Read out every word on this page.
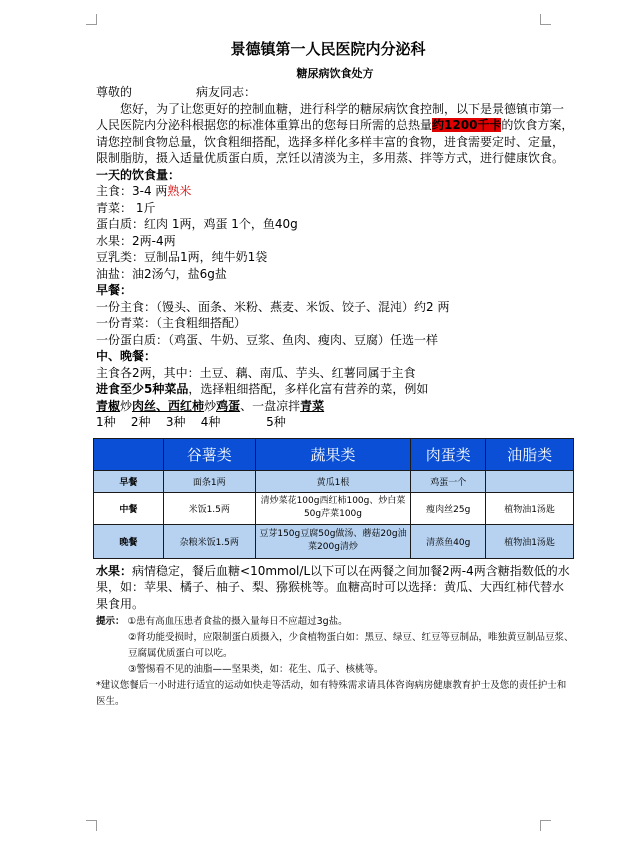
景德镇第一人民医院内分泌科
糖尿病饮食处方
尊敬的	病友同志：
您好，为了让您更好的控制血糖，进行科学的糖尿病饮食控制，以下是景德镇市第一人民医院内分泌科根据您的标准体重算出的您每日所需的总热量约1200千卡的饮食方案，请您控制食物总量，饮食粗细搭配，选择多样化多样丰富的食物，进食需要定时、定量，限制脂肪，摄入适量优质蛋白质，烹饪以清淡为主，多用蒸、拌等方式，进行健康饮食。
一天的饮食量：
主食：3-4 两熟米
青菜： 1斤
蛋白质：红肉 1两，鸡蛋 1个，鱼40g
水果：2两-4两
豆乳类：豆制品1两，纯牛奶1袋
油盐：油2汤勺，盐6g盐
早餐：
一份主食：（馒头、面条、米粉、燕麦、米饭、饺子、混沌）约2 两
一份青菜：（主食粗细搭配）
一份蛋白质：（鸡蛋、牛奶、豆浆、鱼肉、瘦肉、豆腐）任选一样
中、晚餐：
主食各2两，其中：土豆、藕、南瓜、芋头、红薯同属于主食
进食至少5种菜品，选择粗细搭配，多样化富有营养的菜，例如
青椒炒肉丝、西红柿炒鸡蛋、一盘凉拌青菜
1种 2种 3种 4种	5种
	谷薯类	蔬果类	肉蛋类	油脂类
早餐	面条1两	黄瓜1根	鸡蛋一个	
中餐	米饭1.5两	清炒菜花100g西红柿100g、炒白菜50g芹菜100g	瘦肉丝25g	植物油1汤匙
晚餐	杂粮米饭1.5两	豆芽150g豆腐50g做汤、蘑菇20g油菜200g清炒	清蒸鱼40g	植物油1汤匙
水果：病情稳定，餐后血糖<10mmol/L以下可以在两餐之间加餐2两-4两含糖指数低的水果，如：苹果、橘子、柚子、梨、猕猴桃等。血糖高时可以选择：黄瓜、大西红柿代替水果食用。
提示： ①患有高血压患者食盐的摄入量每日不应超过3g盐。
②肾功能受损时，应限制蛋白质摄入，少食植物蛋白如：黑豆、绿豆、红豆等豆制品，唯独黄豆制品豆浆、豆腐属优质蛋白可以吃。
③警惕看不见的油脂——坚果类，如：花生、瓜子、核桃等。
*建议您餐后一小时进行适宜的运动如快走等活动，如有特殊需求请具体咨询病房健康教育护士及您的责任护士和医生。
